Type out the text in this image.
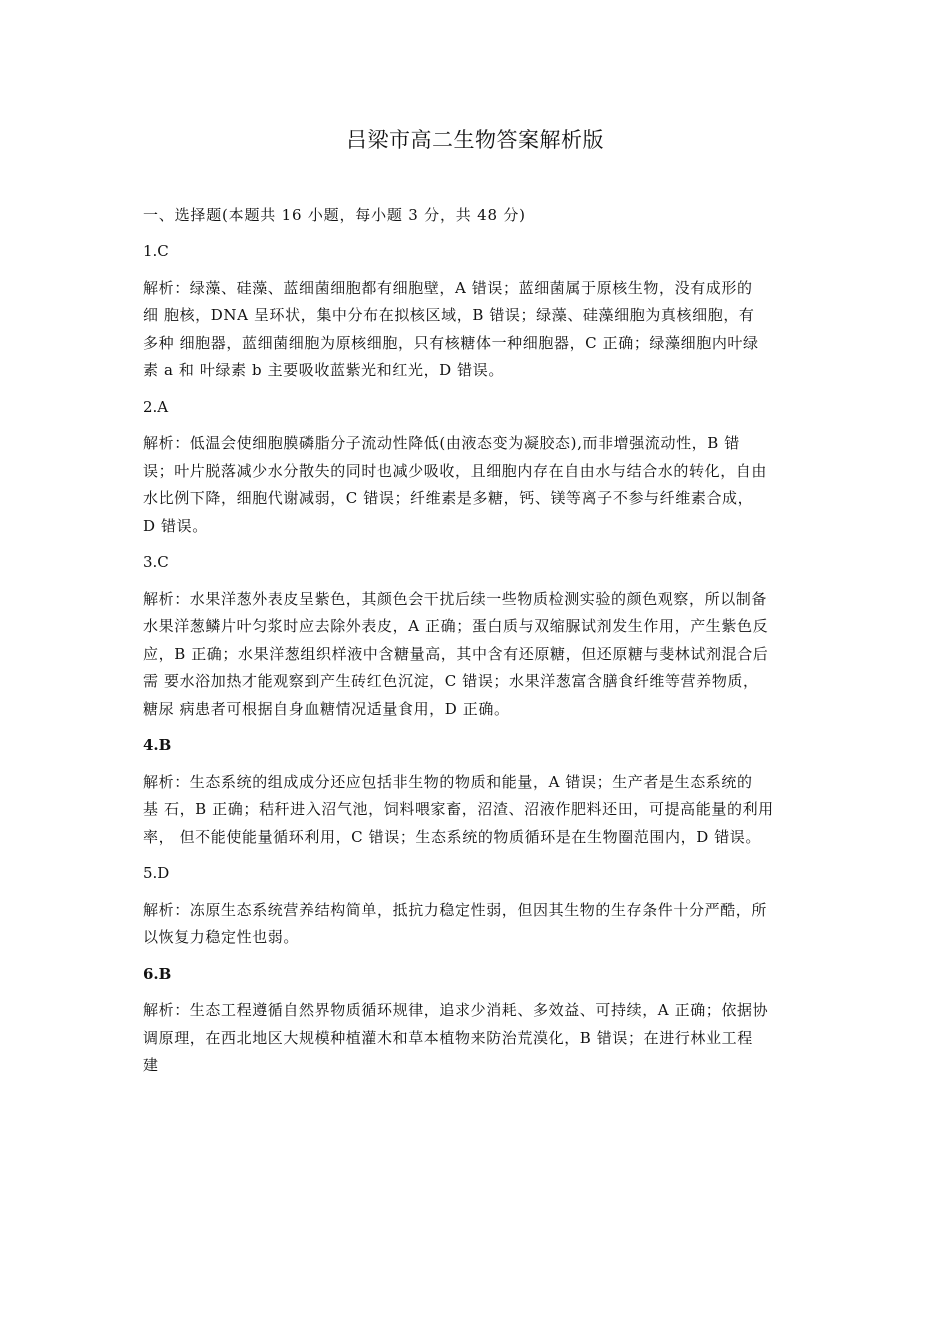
吕梁市高二生物答案解析版
一、选择题(本题共 16 小题，每小题 3 分，共 48 分)
1.C
解析：绿藻、硅藻、蓝细菌细胞都有细胞壁，A 错误；蓝细菌属于原核生物，没有成形的
细 胞核，DNA 呈环状，集中分布在拟核区域，B 错误；绿藻、硅藻细胞为真核细胞，有
多种 细胞器，蓝细菌细胞为原核细胞，只有核糖体一种细胞器，C 正确；绿藻细胞内叶绿
素 a 和 叶绿素 b 主要吸收蓝紫光和红光，D 错误。
2.A
解析：低温会使细胞膜磷脂分子流动性降低(由液态变为凝胶态),而非增强流动性，B 错
误；叶片脱落减少水分散失的同时也减少吸收，且细胞内存在自由水与结合水的转化，自由
水比例下降，细胞代谢减弱，C 错误；纤维素是多糖，钙、镁等离子不参与纤维素合成，
D 错误。
3.C
解析：水果洋葱外表皮呈紫色，其颜色会干扰后续一些物质检测实验的颜色观察，所以制备
水果洋葱鳞片叶匀浆时应去除外表皮，A 正确；蛋白质与双缩脲试剂发生作用，产生紫色反
应，B 正确；水果洋葱组织样液中含糖量高，其中含有还原糖，但还原糖与斐林试剂混合后
需 要水浴加热才能观察到产生砖红色沉淀，C 错误；水果洋葱富含膳食纤维等营养物质，
糖尿 病患者可根据自身血糖情况适量食用，D 正确。
4.B
解析：生态系统的组成成分还应包括非生物的物质和能量，A 错误；生产者是生态系统的
基 石，B 正确；秸秆进入沼气池，饲料喂家畜，沼渣、沼液作肥料还田，可提高能量的利用
率， 但不能使能量循环利用，C 错误；生态系统的物质循环是在生物圈范围内，D 错误。
5.D
解析：冻原生态系统营养结构简单，抵抗力稳定性弱，但因其生物的生存条件十分严酷，所
以恢复力稳定性也弱。
6.B
解析：生态工程遵循自然界物质循环规律，追求少消耗、多效益、可持续，A 正确；依据协
调原理，在西北地区大规模种植灌木和草本植物来防治荒漠化，B 错误；在进行林业工程
建
